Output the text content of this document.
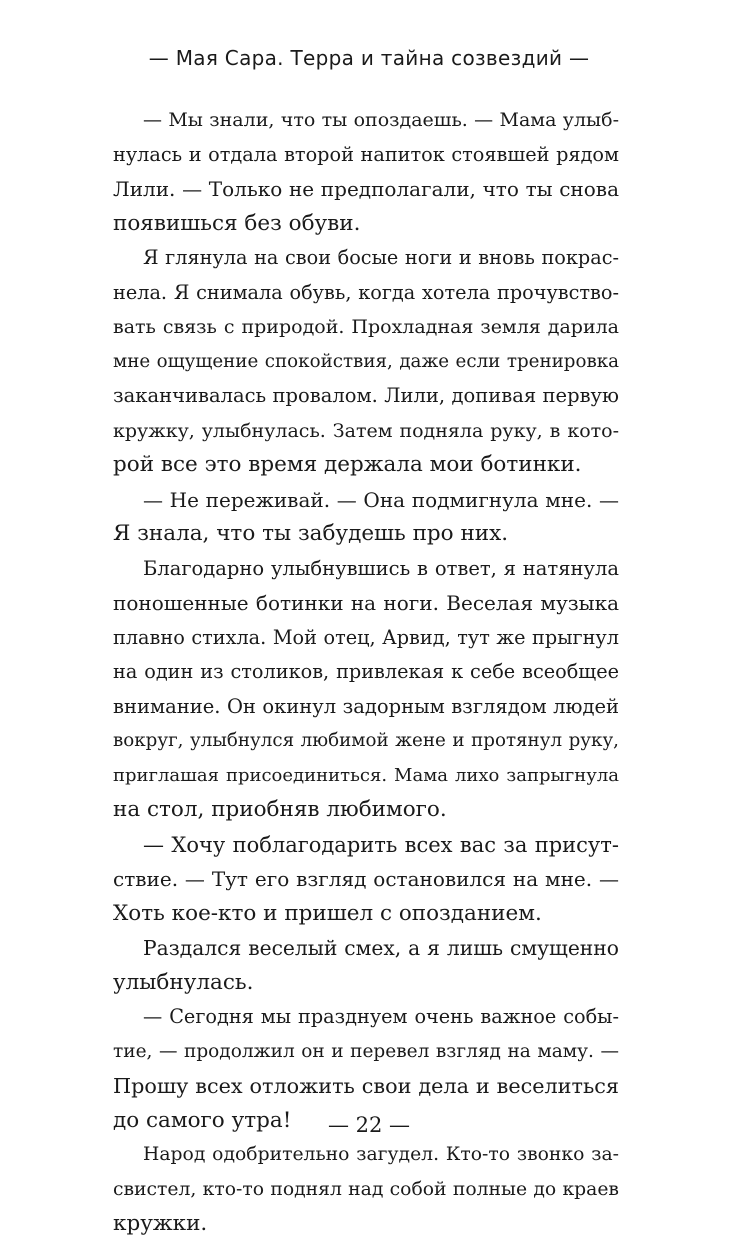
— Мая Сара. Терра и тайна созвездий —
— Мы знали, что ты опоздаешь. — Мама улыб-
нулась и отдала второй напиток стоявшей рядом
Лили. — Только не предполагали, что ты снова
появишься без обуви.
Я глянула на свои босые ноги и вновь покрас-
нела. Я снимала обувь, когда хотела прочувство-
вать связь с природой. Прохладная земля дарила
мне ощущение спокойствия, даже если тренировка
заканчивалась провалом. Лили, допивая первую
кружку, улыбнулась. Затем подняла руку, в кото-
рой все это время держала мои ботинки.
— Не переживай. — Она подмигнула мне. —
Я знала, что ты забудешь про них.
Благодарно улыбнувшись в ответ, я натянула
поношенные ботинки на ноги. Веселая музыка
плавно стихла. Мой отец, Арвид, тут же прыгнул
на один из столиков, привлекая к себе всеобщее
внимание. Он окинул задорным взглядом людей
вокруг, улыбнулся любимой жене и протянул руку,
приглашая присоединиться. Мама лихо запрыгнула
на стол, приобняв любимого.
— Хочу поблагодарить всех вас за присут-
ствие. — Тут его взгляд остановился на мне. —
Хоть кое-кто и пришел с опозданием.
Раздался веселый смех, а я лишь смущенно
улыбнулась.
— Сегодня мы празднуем очень важное собы-
тие, — продолжил он и перевел взгляд на маму. —
Прошу всех отложить свои дела и веселиться
до самого утра!
Народ одобрительно загудел. Кто-то звонко за-
свистел, кто-то поднял над собой полные до краев
кружки.
— 22 —
